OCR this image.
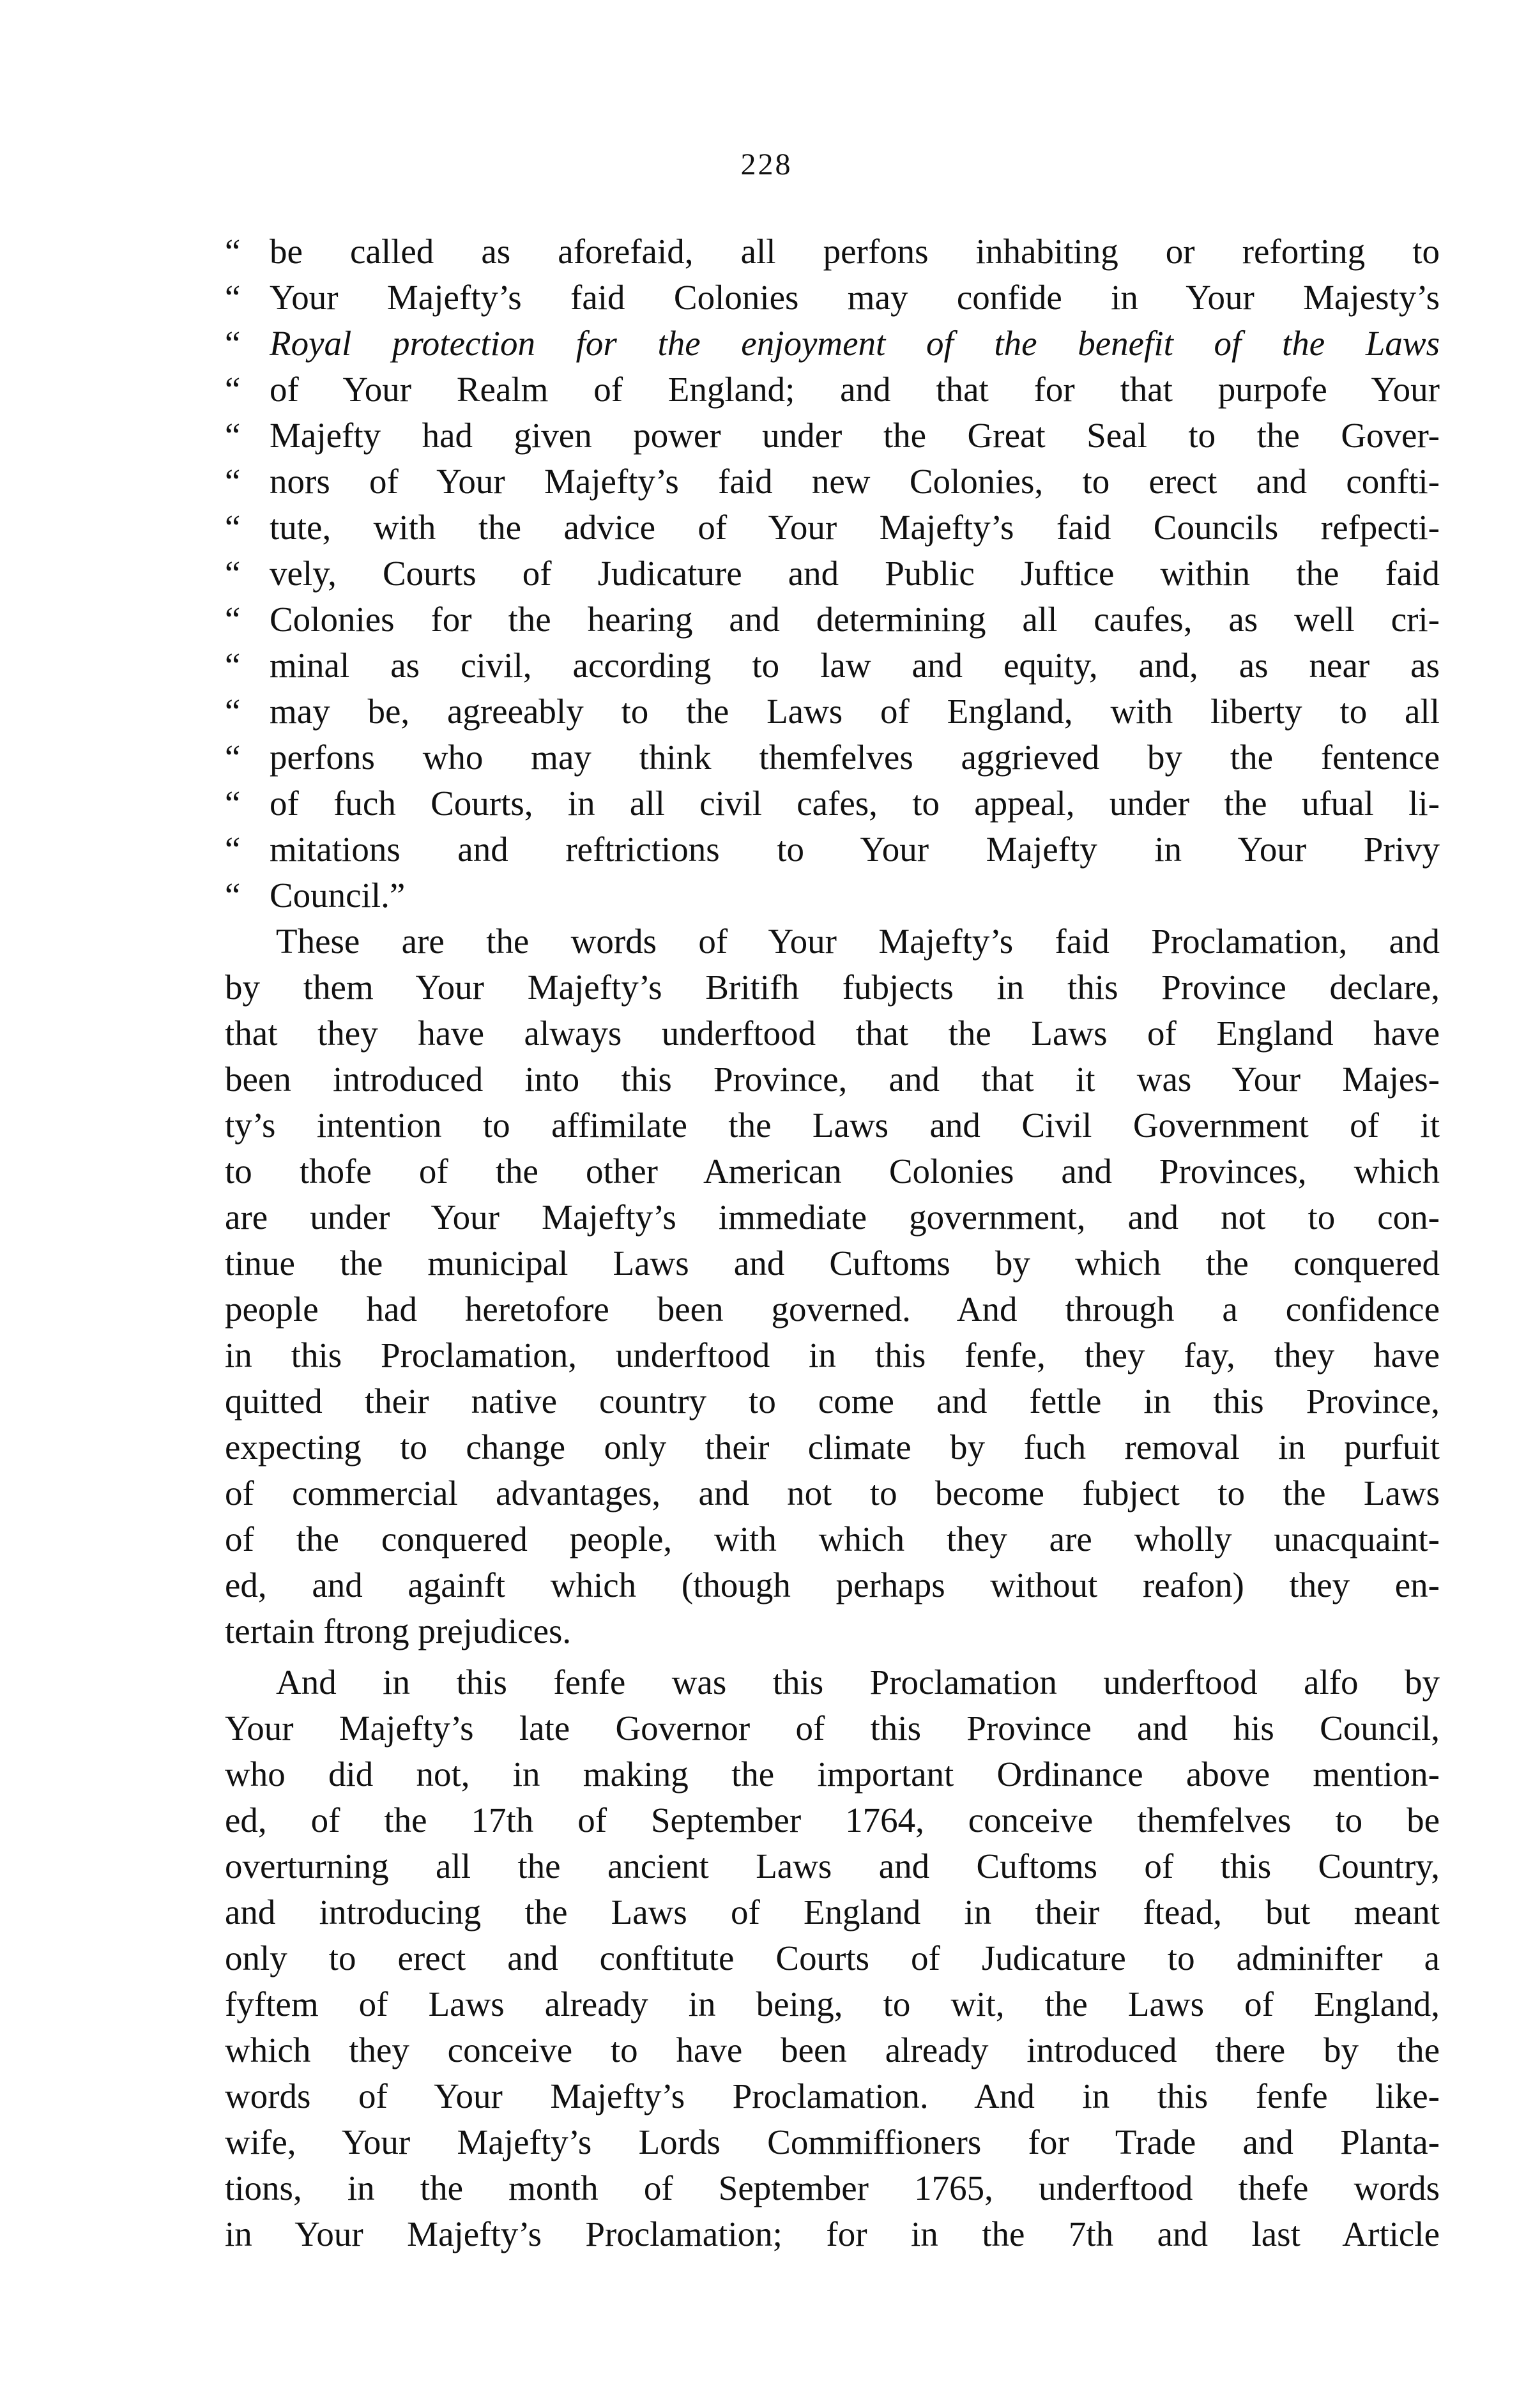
228
“ be called as aforefaid, all perfons inhabiting or reforting to
“ Your Majefty’s faid Colonies may confide in Your Majesty’s
“ Royal protection for the enjoyment of the benefit of the Laws
“ of Your Realm of England; and that for that purpofe Your
“ Majefty had given power under the Great Seal to the Gover-
“ nors of Your Majefty’s faid new Colonies, to erect and confti-
“ tute, with the advice of Your Majefty’s faid Councils refpecti-
“ vely, Courts of Judicature and Public Juftice within the faid
“ Colonies for the hearing and determining all caufes, as well cri-
“ minal as civil, according to law and equity, and, as near as
“ may be, agreeably to the Laws of England, with liberty to all
“ perfons who may think themfelves aggrieved by the fentence
“ of fuch Courts, in all civil cafes, to appeal, under the ufual li-
“ mitations and reftrictions to Your Majefty in Your Privy
“ Council.”
These are the words of Your Majefty’s faid Proclamation, and
by them Your Majefty’s Britifh fubjects in this Province declare,
that they have always underftood that the Laws of England have
been introduced into this Province, and that it was Your Majes-
ty’s intention to affimilate the Laws and Civil Government of it
to thofe of the other American Colonies and Provinces, which
are under Your Majefty’s immediate government, and not to con-
tinue the municipal Laws and Cuftoms by which the conquered
people had heretofore been governed. And through a confidence
in this Proclamation, underftood in this fenfe, they fay, they have
quitted their native country to come and fettle in this Province,
expecting to change only their climate by fuch removal in purfuit
of commercial advantages, and not to become fubject to the Laws
of the conquered people, with which they are wholly unacquaint-
ed, and againft which (though perhaps without reafon) they en-
tertain ftrong prejudices.
And in this fenfe was this Proclamation underftood alfo by
Your Majefty’s late Governor of this Province and his Council,
who did not, in making the important Ordinance above mention-
ed, of the 17th of September 1764, conceive themfelves to be
overturning all the ancient Laws and Cuftoms of this Country,
and introducing the Laws of England in their ftead, but meant
only to erect and conftitute Courts of Judicature to adminifter a
fyftem of Laws already in being, to wit, the Laws of England,
which they conceive to have been already introduced there by the
words of Your Majefty’s Proclamation. And in this fenfe like-
wife, Your Majefty’s Lords Commiffioners for Trade and Planta-
tions, in the month of September 1765, underftood thefe words
in Your Majefty’s Proclamation; for in the 7th and last Article
